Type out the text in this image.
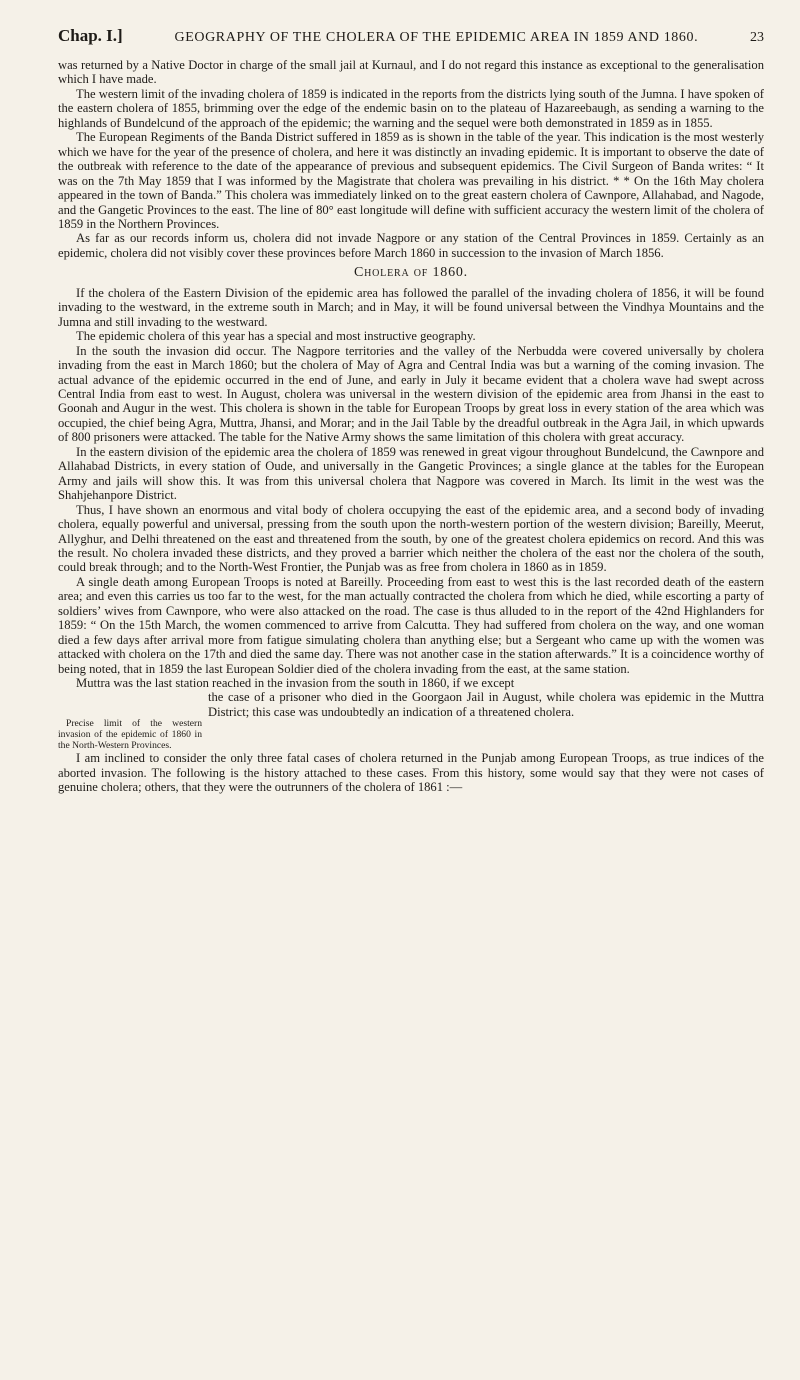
Chap. I.]	GEOGRAPHY OF THE CHOLERA OF THE EPIDEMIC AREA IN 1859 AND 1860.	23

was returned by a Native Doctor in charge of the small jail at Kurnaul, and I do not regard this instance as exceptional to the generalisation which I have made.

The western limit of the invading cholera of 1859 is indicated in the reports from the districts lying south of the Jumna. I have spoken of the eastern cholera of 1855, brimming over the edge of the endemic basin on to the plateau of Hazareebaugh, as sending a warning to the highlands of Bundelcund of the approach of the epidemic; the warning and the sequel were both demonstrated in 1859 as in 1855.

The European Regiments of the Banda District suffered in 1859 as is shown in the table of the year. This indication is the most westerly which we have for the year of the presence of cholera, and here it was distinctly an invading epidemic. It is important to observe the date of the outbreak with reference to the date of the appearance of previous and subsequent epidemics. The Civil Surgeon of Banda writes: “ It was on the 7th May 1859 that I was informed by the Magistrate that cholera was prevailing in his district. * * On the 16th May cholera appeared in the town of Banda.” This cholera was immediately linked on to the great eastern cholera of Cawnpore, Allahabad, and Nagode, and the Gangetic Provinces to the east. The line of 80° east longitude will define with sufficient accuracy the western limit of the cholera of 1859 in the Northern Provinces.

As far as our records inform us, cholera did not invade Nagpore or any station of the Central Provinces in 1859. Certainly as an epidemic, cholera did not visibly cover these provinces before March 1860 in succession to the invasion of March 1856.

Cholera of 1860.

If the cholera of the Eastern Division of the epidemic area has followed the parallel of the invading cholera of 1856, it will be found invading to the westward, in the extreme south in March; and in May, it will be found universal between the Vindhya Mountains and the Jumna and still invading to the westward.

The epidemic cholera of this year has a special and most instructive geography.

In the south the invasion did occur. The Nagpore territories and the valley of the Nerbudda were covered universally by cholera invading from the east in March 1860; but the cholera of May of Agra and Central India was but a warning of the coming invasion. The actual advance of the epidemic occurred in the end of June, and early in July it became evident that a cholera wave had swept across Central India from east to west. In August, cholera was universal in the western division of the epidemic area from Jhansi in the east to Goonah and Augur in the west. This cholera is shown in the table for European Troops by great loss in every station of the area which was occupied, the chief being Agra, Muttra, Jhansi, and Morar; and in the Jail Table by the dreadful outbreak in the Agra Jail, in which upwards of 800 prisoners were attacked. The table for the Native Army shows the same limitation of this cholera with great accuracy.

In the eastern division of the epidemic area the cholera of 1859 was renewed in great vigour throughout Bundelcund, the Cawnpore and Allahabad Districts, in every station of Oude, and universally in the Gangetic Provinces; a single glance at the tables for the European Army and jails will show this. It was from this universal cholera that Nagpore was covered in March. Its limit in the west was the Shahjehanpore District.

Thus, I have shown an enormous and vital body of cholera occupying the east of the epidemic area, and a second body of invading cholera, equally powerful and universal, pressing from the south upon the north-western portion of the western division; Bareilly, Meerut, Allyghur, and Delhi threatened on the east and threatened from the south, by one of the greatest cholera epidemics on record. And this was the result. No cholera invaded these districts, and they proved a barrier which neither the cholera of the east nor the cholera of the south, could break through; and to the North-West Frontier, the Punjab was as free from cholera in 1860 as in 1859.

A single death among European Troops is noted at Bareilly. Proceeding from east to west this is the last recorded death of the eastern area; and even this carries us too far to the west, for the man actually contracted the cholera from which he died, while escorting a party of soldiers’ wives from Cawnpore, who were also attacked on the road. The case is thus alluded to in the report of the 42nd Highlanders for 1859: “ On the 15th March, the women commenced to arrive from Calcutta. They had suffered from cholera on the way, and one woman died a few days after arrival more from fatigue simulating cholera than anything else; but a Sergeant who came up with the women was attacked with cholera on the 17th and died the same day. There was not another case in the station afterwards.” It is a coincidence worthy of being noted, that in 1859 the last European Soldier died of the cholera invading from the east, at the same station.

Muttra was the last station reached in the invasion from the south in 1860, if we except

Precise limit of the western invasion of the epidemic of 1860 in the North-Western Provinces.

the case of a prisoner who died in the Goorgaon Jail in August, while cholera was epidemic in the Muttra District; this case was undoubtedly an indication of a threatened cholera.

I am inclined to consider the only three fatal cases of cholera returned in the Punjab among European Troops, as true indices of the aborted invasion. The following is the history attached to these cases. From this history, some would say that they were not cases of genuine cholera; others, that they were the outrunners of the cholera of 1861 :—
